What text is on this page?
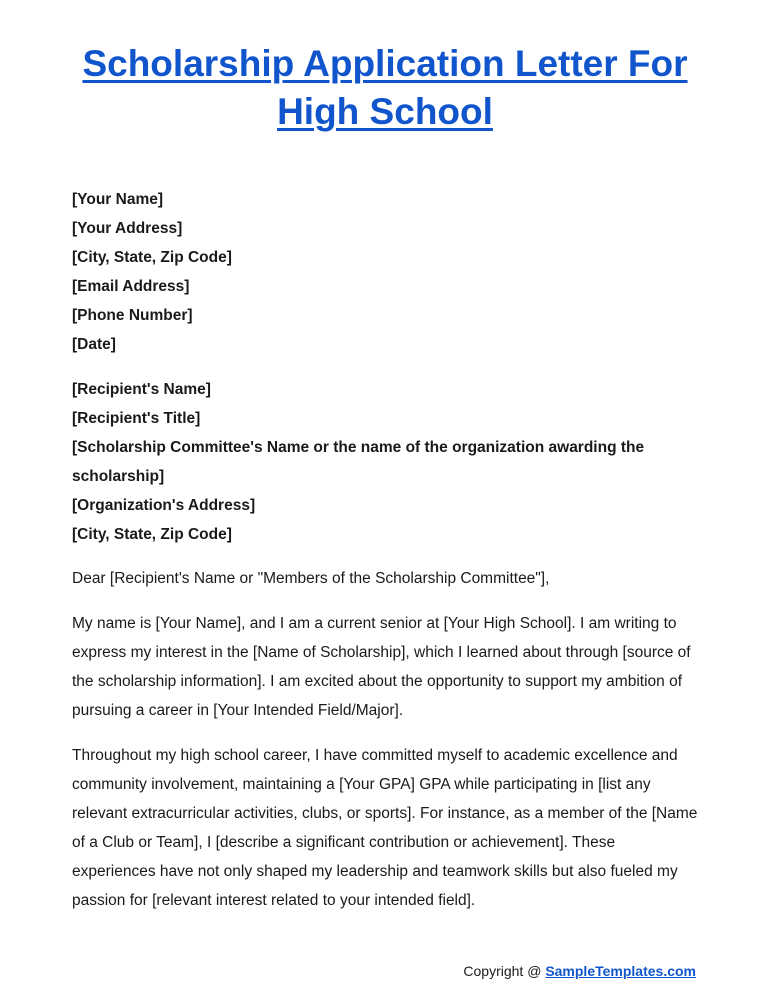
Scholarship Application Letter For High School
[Your Name]
[Your Address]
[City, State, Zip Code]
[Email Address]
[Phone Number]
[Date]
[Recipient's Name]
[Recipient's Title]
[Scholarship Committee's Name or the name of the organization awarding the scholarship]
[Organization's Address]
[City, State, Zip Code]

Dear [Recipient's Name or "Members of the Scholarship Committee"],

My name is [Your Name], and I am a current senior at [Your High School]. I am writing to express my interest in the [Name of Scholarship], which I learned about through [source of the scholarship information]. I am excited about the opportunity to support my ambition of pursuing a career in [Your Intended Field/Major].

Throughout my high school career, I have committed myself to academic excellence and community involvement, maintaining a [Your GPA] GPA while participating in [list any relevant extracurricular activities, clubs, or sports]. For instance, as a member of the [Name of a Club or Team], I [describe a significant contribution or achievement]. These experiences have not only shaped my leadership and teamwork skills but also fueled my passion for [relevant interest related to your intended field].

Copyright @ SampleTemplates.com
